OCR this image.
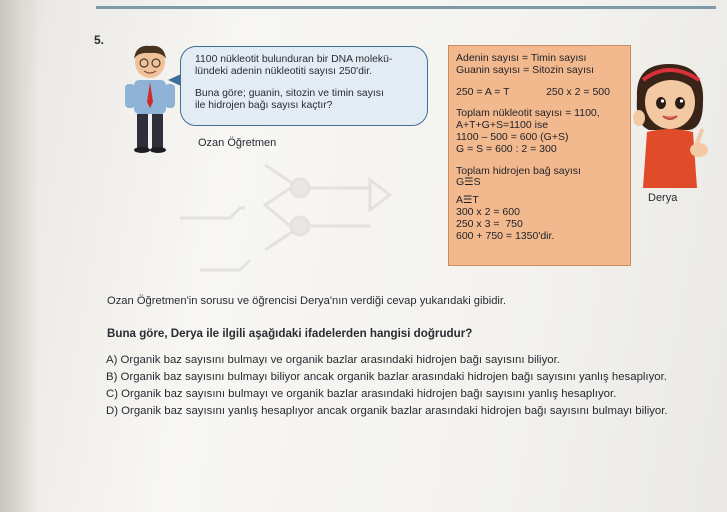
5.

1100 nükleotit bulunduran bir DNA molekü-
lündeki adenin nükleotiti sayısı 250'dir.

Buna göre; guanin, sitozin ve timin sayısı
ile hidrojen bağı sayısı kaçtır?

Ozan Öğretmen
Adenin sayısı = Timin sayısı
Guanin sayısı = Sitozin sayısı
250 = A = T	250 x 2 = 500
Toplam nükleotit sayısı = 1100,
A+T+G+S=1100 ise
1100 – 500 = 600 (G+S)
G = S = 600 : 2 = 300
Toplam hidrojen bağ sayısı
G☰S
A☰T
300 x 2 = 600
250 x 3 =  750
600 + 750 = 1350'dir.
Derya
Ozan Öğretmen'in sorusu ve öğrencisi Derya'nın verdiği cevap yukarıdaki gibidir.
Buna göre, Derya ile ilgili aşağıdaki ifadelerden hangisi doğrudur?
A) Organik baz sayısını bulmayı ve organik bazlar arasındaki hidrojen bağı sayısını biliyor.
B) Organik baz sayısını bulmayı biliyor ancak organik bazlar arasındaki hidrojen bağı sayısını yanlış hesaplıyor.
C) Organik baz sayısını bulmayı ve organik bazlar arasındaki hidrojen bağı sayısını yanlış hesaplıyor.
D) Organik baz sayısını yanlış hesaplıyor ancak organik bazlar arasındaki hidrojen bağı sayısını bulmayı biliyor.
